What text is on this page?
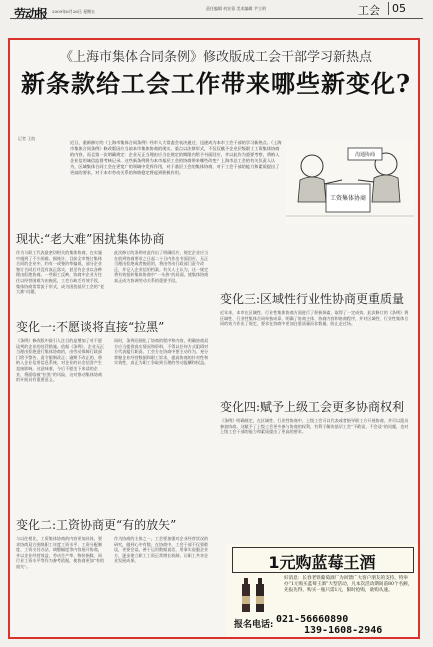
劳动报 2009年6月26日 星期五
责任编辑 何宏蓉 美术编辑 尹立明	工会	05
《上海市集体合同条例》修改版成工会干部学习新热点
新条款给工会工作带来哪些新变化?
记者 王皖
近日，重新修订的《上海市集体合同条例》经市人大常委会表决通过，迅速成为本市工会干部的学习新热点。《上海市集体合同条例》修改版因应当前本市集体协商的现实，重点以法律形式，不仅仅赋予企业层级职工工资集体协商的内容，而且第一次明确规定：企业无正当理由应当在规定的期限内给予书面回应，并以此作为重要考察，将纳入企业信用诚信监督考核记录。这些新条例将为本市基层工会的协商带来哪些改变？上海市总工会的有关负责人认为，区域集体合同工会在更宽广的领域中发挥作用，对于基层工会的集体协商，对于工会干部的能力和素质提出了更高的要求，对于本市劳动关系的和谐稳定将起到积极作用。
工资集体协商
沟通协商
现状:“老大难”困扰集体协商
作为与职工代表最密切相关的集体协商，在实施中遇到了不少困难。据统计，目前全市签订集体合同的企业中，约有一成签约率偏低，部分企业签订合同后并没有真正落实，甚至有企业以各种理由拒绝协商。一些职工反映，协商中企业方往往以经营困难为由拖延，工会方缺乏有效手段，集体协商常常流于形式，成为困扰基层工会的“老大难”问题。
此次修订的条例对此作出了明确回应，规定企业应当在收到协商要求之日起二十日内作出书面回应，无正当理由拒绝或者拖延的，将由劳动行政部门责令改正，并记入企业信用档案。有关人士认为，这一规定将有效扭转集体协商中“一头热”的局面，使集体协商真正成为协调劳动关系的重要手段。
变化一:不愿谈将直接“拉黑”
《条例》修改版中最引人注目的是增加了对不愿谈判的企业的处罚措施。依据《条例》，企业无正当理由拒绝进行集体协商的，由劳动保障行政部门给予警告，责令限期改正；逾期不改正的，将纳入企业信用信息系统，对企业的社会信誉产生直接影响。这意味着，今后不愿坐下来谈的企业，将面临被“拉黑”的风险，这对推动集体协商的开展具有重要意义。
同时，条例还细化了协商的程序和内容，明确协商双方应当提供真实情况和资料，不得以任何方式阻碍对方代表履行职责。工会方在协商中要主动作为，充分掌握企业经营数据和职工诉求，提高协商的针对性和实效性，真正为职工争取到合理的劳动报酬和权益。
变化二:工资协商更“有的放矢”
与以往相比，工资集体协商的内容更加具体，要求协商双方围绕职工年度工资水平、工资分配制度、工资支付办法、调整幅度等内容展开协商，并以企业经营效益、劳动生产率、物价指数、同行业工资水平等作为参考依据，使协商更加“有的放矢”。
作为协商的主体之一，工会要加强对企业经营状况的研究，做到心中有数。在协商中，工会干部不仅要敢谈，更要会谈，善于运用数据说话，用事实说服企业方，逐步建立职工工资正常增长机制，让职工共享企业发展成果。
变化三:区域性行业性协商更重质量
近年来，本市在区域性、行业性集体协商方面进行了积极探索，取得了一定成效。此次修订的《条例》将区域性、行业性集体合同单独成章，明确了协商主体、协商内容和协商程序，并对区域性、行业性集体合同的效力作出了规定，要求在协商中更加注重质量而非数量，防止走过场。
变化四:赋予上级工会更多协商权利
《条例》明确规定，在区域性、行业性协商中，上级工会可以代表或者指导职工方开展协商，并可以派员参加协商。这赋予了上级工会更多参与协商的权利，有利于解决基层工会“不敢谈、不会谈”的问题，也对上级工会干部的能力和素质提出了更高的要求。
1元购蓝莓王酒
好消息：长春老铁葡萄酒厂为回馈广大客户朋友的支持，特举办“1元购买蓝莓王酒”大型活动，凡本次活动期间前80个名额，先报先得，购买一瓶只需1元，限时抢购，欲购从速。
报名电话: 021-56660890
139-1608-2946
